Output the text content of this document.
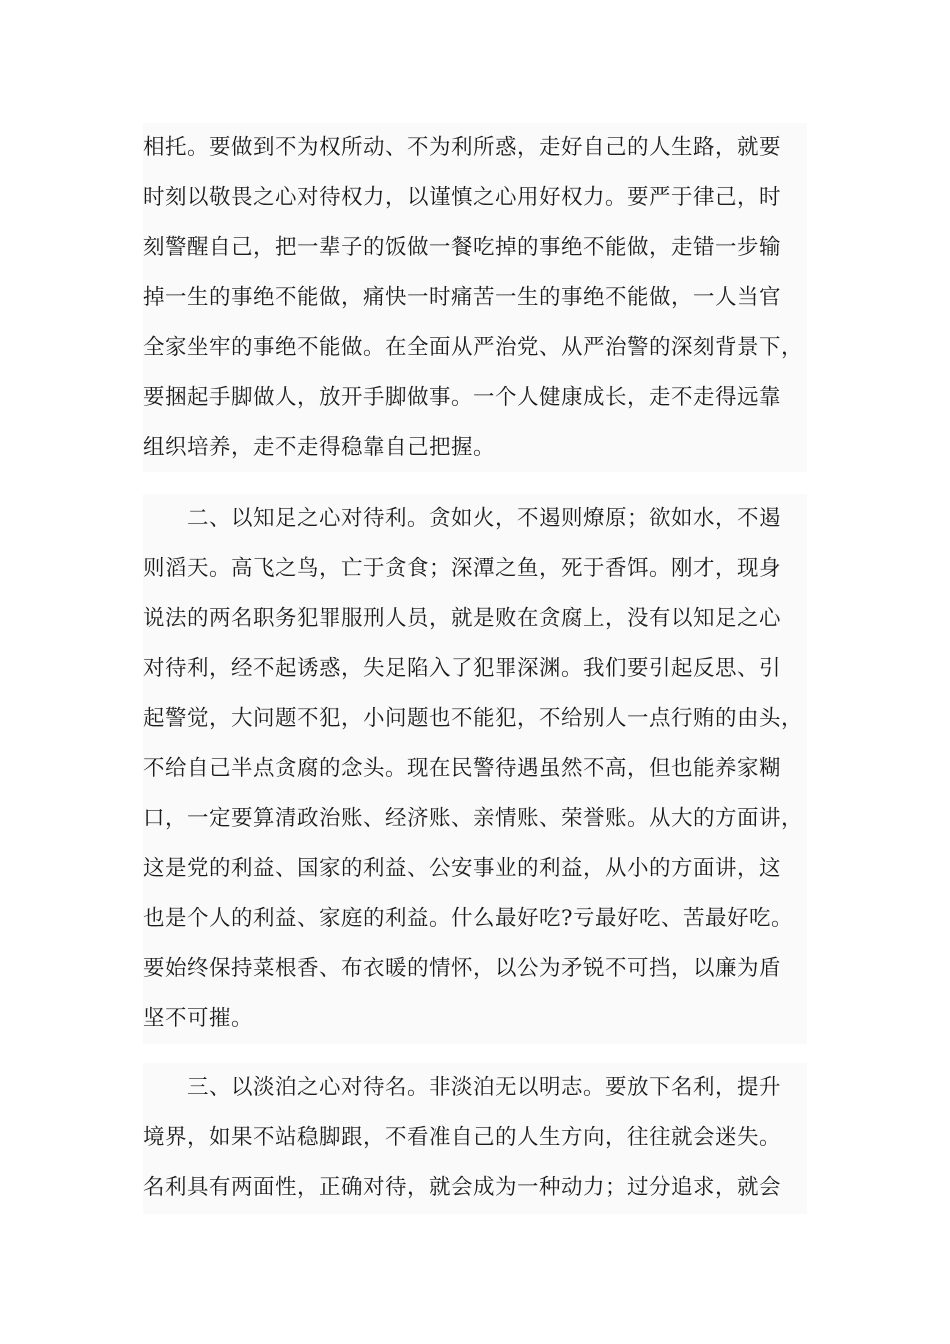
相托。要做到不为权所动、不为利所惑，走好自己的人生路，就要
时刻以敬畏之心对待权力，以谨慎之心用好权力。要严于律己，时
刻警醒自己，把一辈子的饭做一餐吃掉的事绝不能做，走错一步输
掉一生的事绝不能做，痛快一时痛苦一生的事绝不能做，一人当官
全家坐牢的事绝不能做。在全面从严治党、从严治警的深刻背景下，
要捆起手脚做人，放开手脚做事。一个人健康成长，走不走得远靠
组织培养，走不走得稳靠自己把握。
二、以知足之心对待利。贪如火，不遏则燎原；欲如水，不遏
则滔天。高飞之鸟，亡于贪食；深潭之鱼，死于香饵。刚才，现身
说法的两名职务犯罪服刑人员，就是败在贪腐上，没有以知足之心
对待利，经不起诱惑，失足陷入了犯罪深渊。我们要引起反思、引
起警觉，大问题不犯，小问题也不能犯，不给别人一点行贿的由头，
不给自己半点贪腐的念头。现在民警待遇虽然不高，但也能养家糊
口，一定要算清政治账、经济账、亲情账、荣誉账。从大的方面讲，
这是党的利益、国家的利益、公安事业的利益，从小的方面讲，这
也是个人的利益、家庭的利益。什么最好吃?亏最好吃、苦最好吃。
要始终保持菜根香、布衣暖的情怀，以公为矛锐不可挡，以廉为盾
坚不可摧。
三、以淡泊之心对待名。非淡泊无以明志。要放下名利，提升
境界，如果不站稳脚跟，不看准自己的人生方向，往往就会迷失。
名利具有两面性，正确对待，就会成为一种动力；过分追求，就会
